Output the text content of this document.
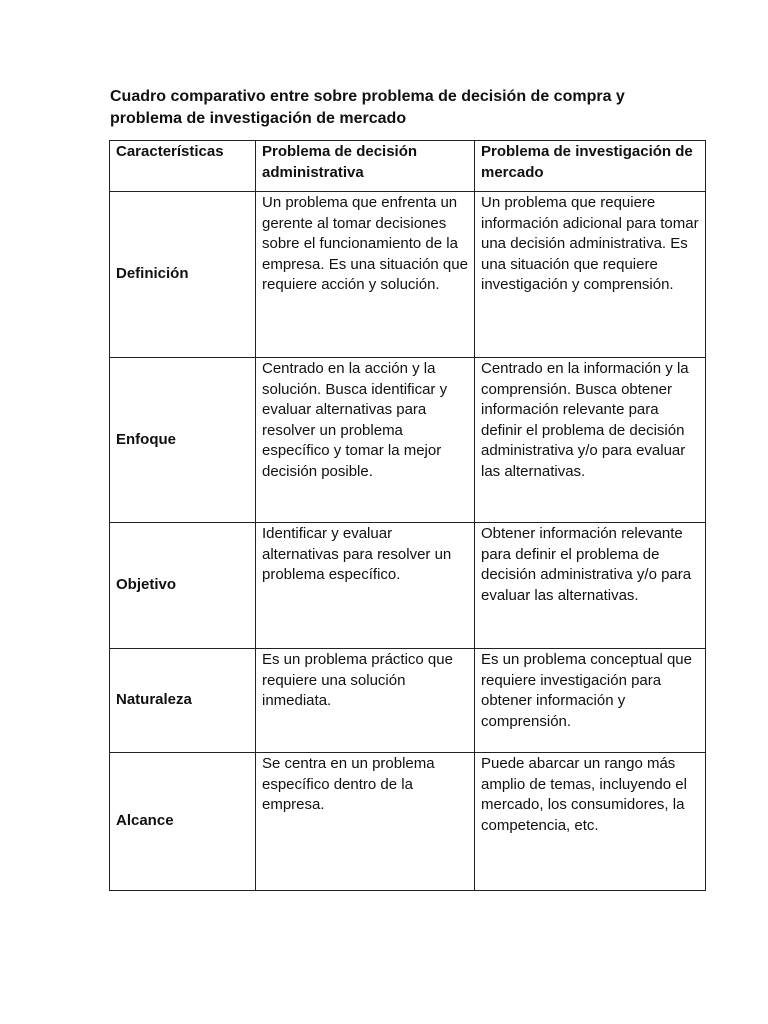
Cuadro comparativo entre sobre problema de decisión de compra y
problema de investigación de mercado

Características	Problema de decisión administrativa	Problema de investigación de mercado
Definición	Un problema que enfrenta un gerente al tomar decisiones sobre el funcionamiento de la empresa. Es una situación que requiere acción y solución.	Un problema que requiere información adicional para tomar una decisión administrativa. Es una situación que requiere investigación y comprensión.

Enfoque	Centrado en la acción y la solución. Busca identificar y evaluar alternativas para resolver un problema específico y tomar la mejor decisión posible.	Centrado en la información y la comprensión. Busca obtener información relevante para definir el problema de decisión administrativa y/o para evaluar las alternativas.

Objetivo	Identificar y evaluar alternativas para resolver un problema específico.	Obtener información relevante para definir el problema de decisión administrativa y/o para evaluar las alternativas.

Naturaleza	Es un problema práctico que requiere una solución inmediata.	Es un problema conceptual que requiere investigación para obtener información y comprensión.

Alcance	Se centra en un problema específico dentro de la empresa.	Puede abarcar un rango más amplio de temas, incluyendo el mercado, los consumidores, la competencia, etc.
